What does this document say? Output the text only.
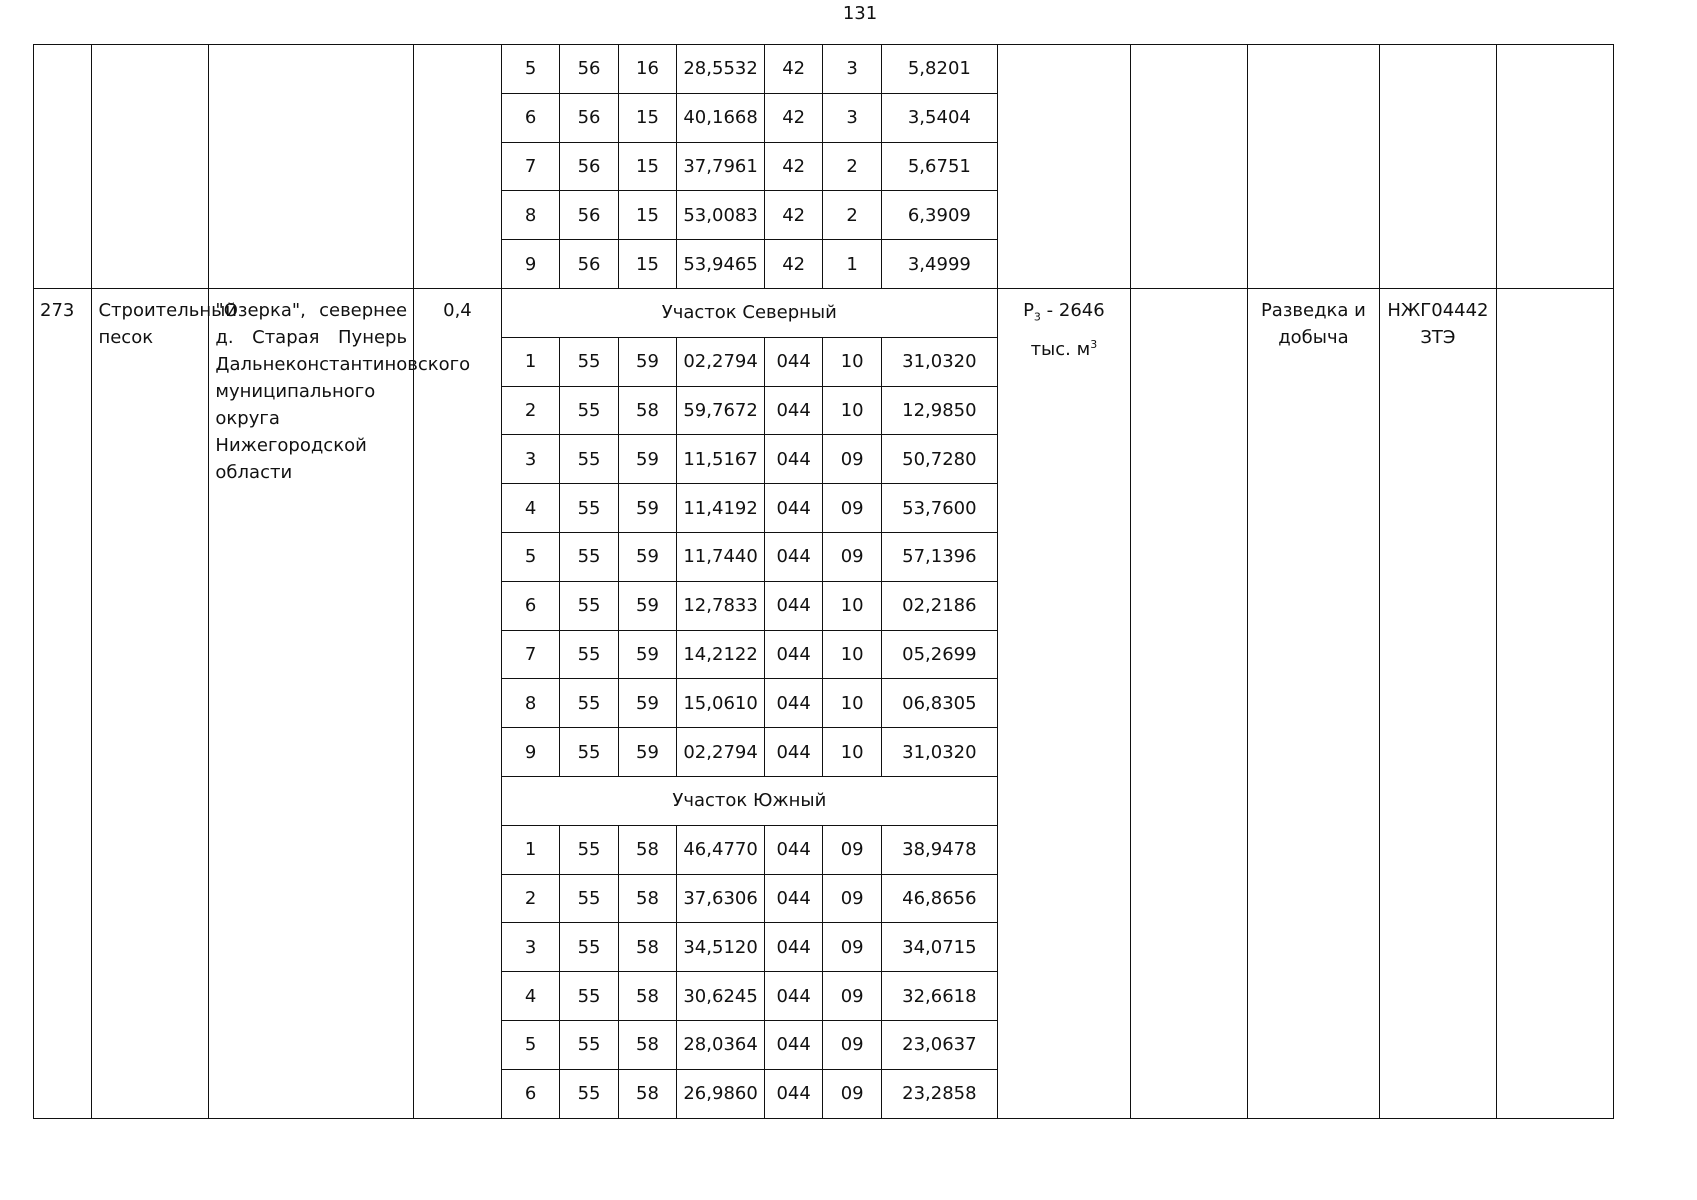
131
				5	56	16	28,5532	42	3	5,8201					
				6	56	15	40,1668	42	3	3,5404					
				7	56	15	37,7961	42	2	5,6751					
				8	56	15	53,0083	42	2	6,3909					
				9	56	15	53,9465	42	1	3,4999					

273	Строительный песок	"Озерка", севернее д. Старая Пунерь Дальнеконстантиновского муниципального округа Нижегородской области	0,4	Участок Северный							$Р_3 - 2646$ тыс. $м^3$		Разведка и добыча	НЖГ04442 ЗТЭ	

				1	55	59	02,2794	044	10	31,0320					
				2	55	58	59,7672	044	10	12,9850					
				3	55	59	11,5167	044	09	50,7280					
				4	55	59	11,4192	044	09	53,7600					
				5	55	59	11,7440	044	09	57,1396					
				6	55	59	12,7833	044	10	02,2186					
				7	55	59	14,2122	044	10	05,2699					
				8	55	59	15,0610	044	10	06,8305					
				9	55	59	02,2794	044	10	31,0320					
				Участок Южный											
				1	55	58	46,4770	044	09	38,9478					
				2	55	58	37,6306	044	09	46,8656					
				3	55	58	34,5120	044	09	34,0715					
				4	55	58	30,6245	044	09	32,6618					
				5	55	58	28,0364	044	09	23,0637					
				6	55	58	26,9860	044	09	23,2858					
